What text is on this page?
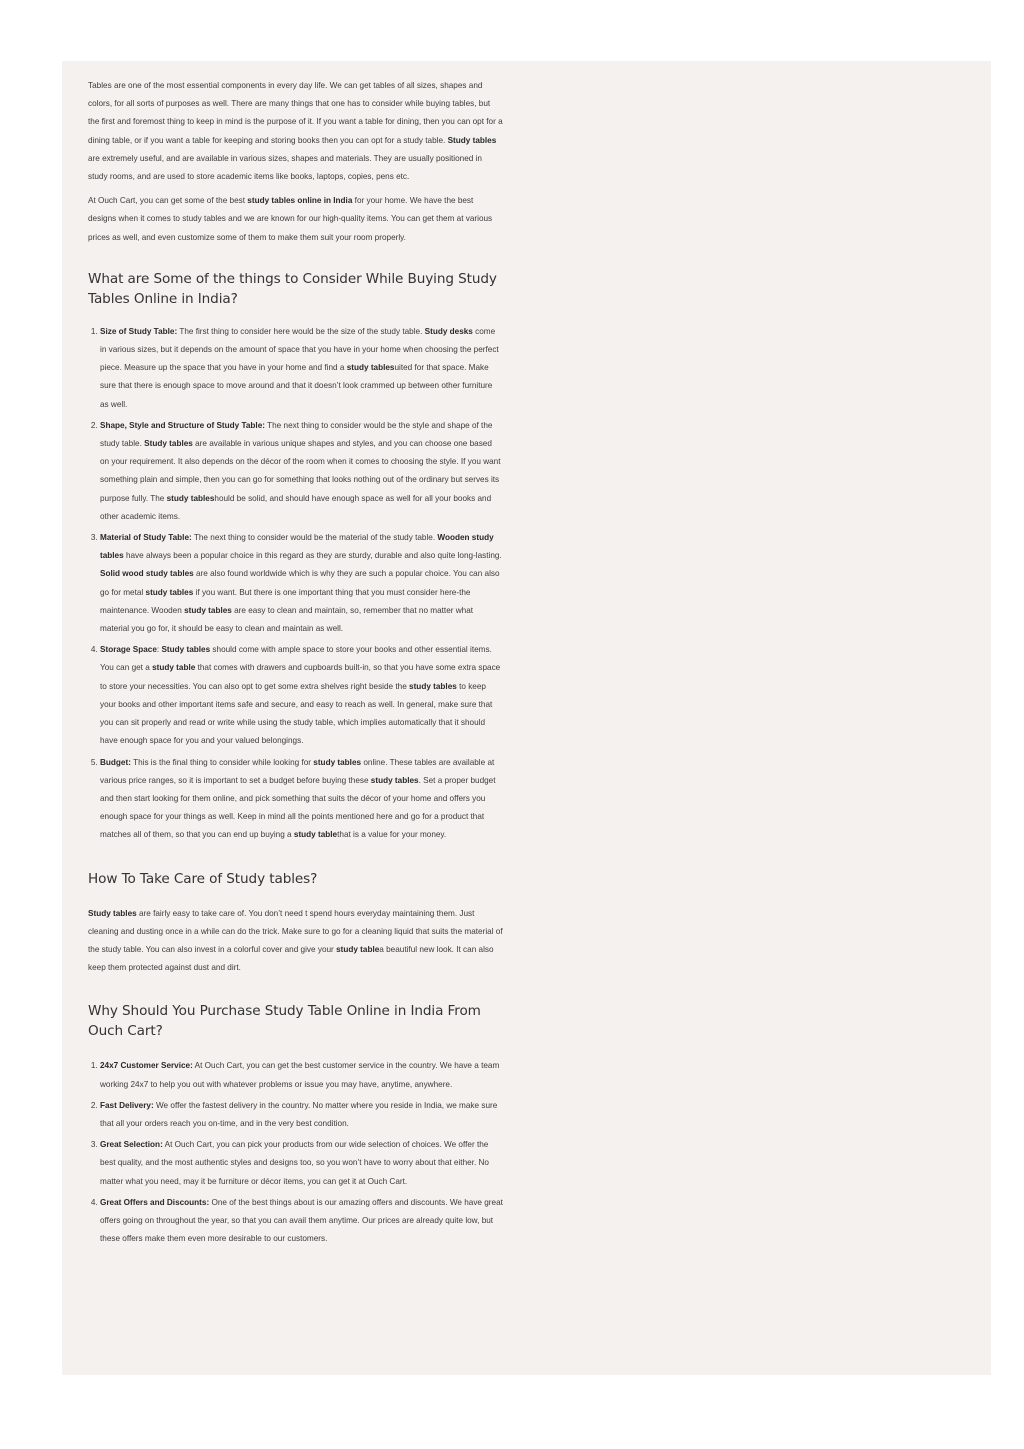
Tables are one of the most essential components in every day life. We can get tables of all sizes, shapes and colors, for all sorts of purposes as well. There are many things that one has to consider while buying tables, but the first and foremost thing to keep in mind is the purpose of it. If you want a table for dining, then you can opt for a dining table, or if you want a table for keeping and storing books then you can opt for a study table. Study tables are extremely useful, and are available in various sizes, shapes and materials. They are usually positioned in study rooms, and are used to store academic items like books, laptops, copies, pens etc.

At Ouch Cart, you can get some of the best study tables online in India for your home. We have the best designs when it comes to study tables and we are known for our high-quality items. You can get them at various prices as well, and even customize some of them to make them suit your room properly.

What are Some of the things to Consider While Buying Study Tables Online in India?
1. Size of Study Table: The first thing to consider here would be the size of the study table. Study desks come in various sizes, but it depends on the amount of space that you have in your home when choosing the perfect piece. Measure up the space that you have in your home and find a study tablesuited for that space. Make sure that there is enough space to move around and that it doesn’t look crammed up between other furniture as well.
2. Shape, Style and Structure of Study Table: The next thing to consider would be the style and shape of the study table. Study tables are available in various unique shapes and styles, and you can choose one based on your requirement. It also depends on the décor of the room when it comes to choosing the style. If you want something plain and simple, then you can go for something that looks nothing out of the ordinary but serves its purpose fully. The study tableshould be solid, and should have enough space as well for all your books and other academic items.
3. Material of Study Table: The next thing to consider would be the material of the study table. Wooden study tables have always been a popular choice in this regard as they are sturdy, durable and also quite long-lasting. Solid wood study tables are also found worldwide which is why they are such a popular choice. You can also go for metal study tables if you want. But there is one important thing that you must consider here-the maintenance. Wooden study tables are easy to clean and maintain, so, remember that no matter what material you go for, it should be easy to clean and maintain as well.
4. Storage Space: Study tables should come with ample space to store your books and other essential items. You can get a study table that comes with drawers and cupboards built-in, so that you have some extra space to store your necessities. You can also opt to get some extra shelves right beside the study tables to keep your books and other important items safe and secure, and easy to reach as well. In general, make sure that you can sit properly and read or write while using the study table, which implies automatically that it should have enough space for you and your valued belongings.
5. Budget: This is the final thing to consider while looking for study tables online. These tables are available at various price ranges, so it is important to set a budget before buying these study tables. Set a proper budget and then start looking for them online, and pick something that suits the décor of your home and offers you enough space for your things as well. Keep in mind all the points mentioned here and go for a product that matches all of them, so that you can end up buying a study tablethat is a value for your money.
How To Take Care of Study tables?

Study tables are fairly easy to take care of. You don’t need t spend hours everyday maintaining them. Just cleaning and dusting once in a while can do the trick. Make sure to go for a cleaning liquid that suits the material of the study table. You can also invest in a colorful cover and give your study tablea beautiful new look. It can also keep them protected against dust and dirt.

Why Should You Purchase Study Table Online in India From Ouch Cart?
1. 24x7 Customer Service: At Ouch Cart, you can get the best customer service in the country. We have a team working 24x7 to help you out with whatever problems or issue you may have, anytime, anywhere.
2. Fast Delivery: We offer the fastest delivery in the country. No matter where you reside in India, we make sure that all your orders reach you on-time, and in the very best condition.
3. Great Selection: At Ouch Cart, you can pick your products from our wide selection of choices. We offer the best quality, and the most authentic styles and designs too, so you won’t have to worry about that either. No matter what you need, may it be furniture or décor items, you can get it at Ouch Cart.
4. Great Offers and Discounts: One of the best things about is our amazing offers and discounts. We have great offers going on throughout the year, so that you can avail them anytime. Our prices are already quite low, but these offers make them even more desirable to our customers.
